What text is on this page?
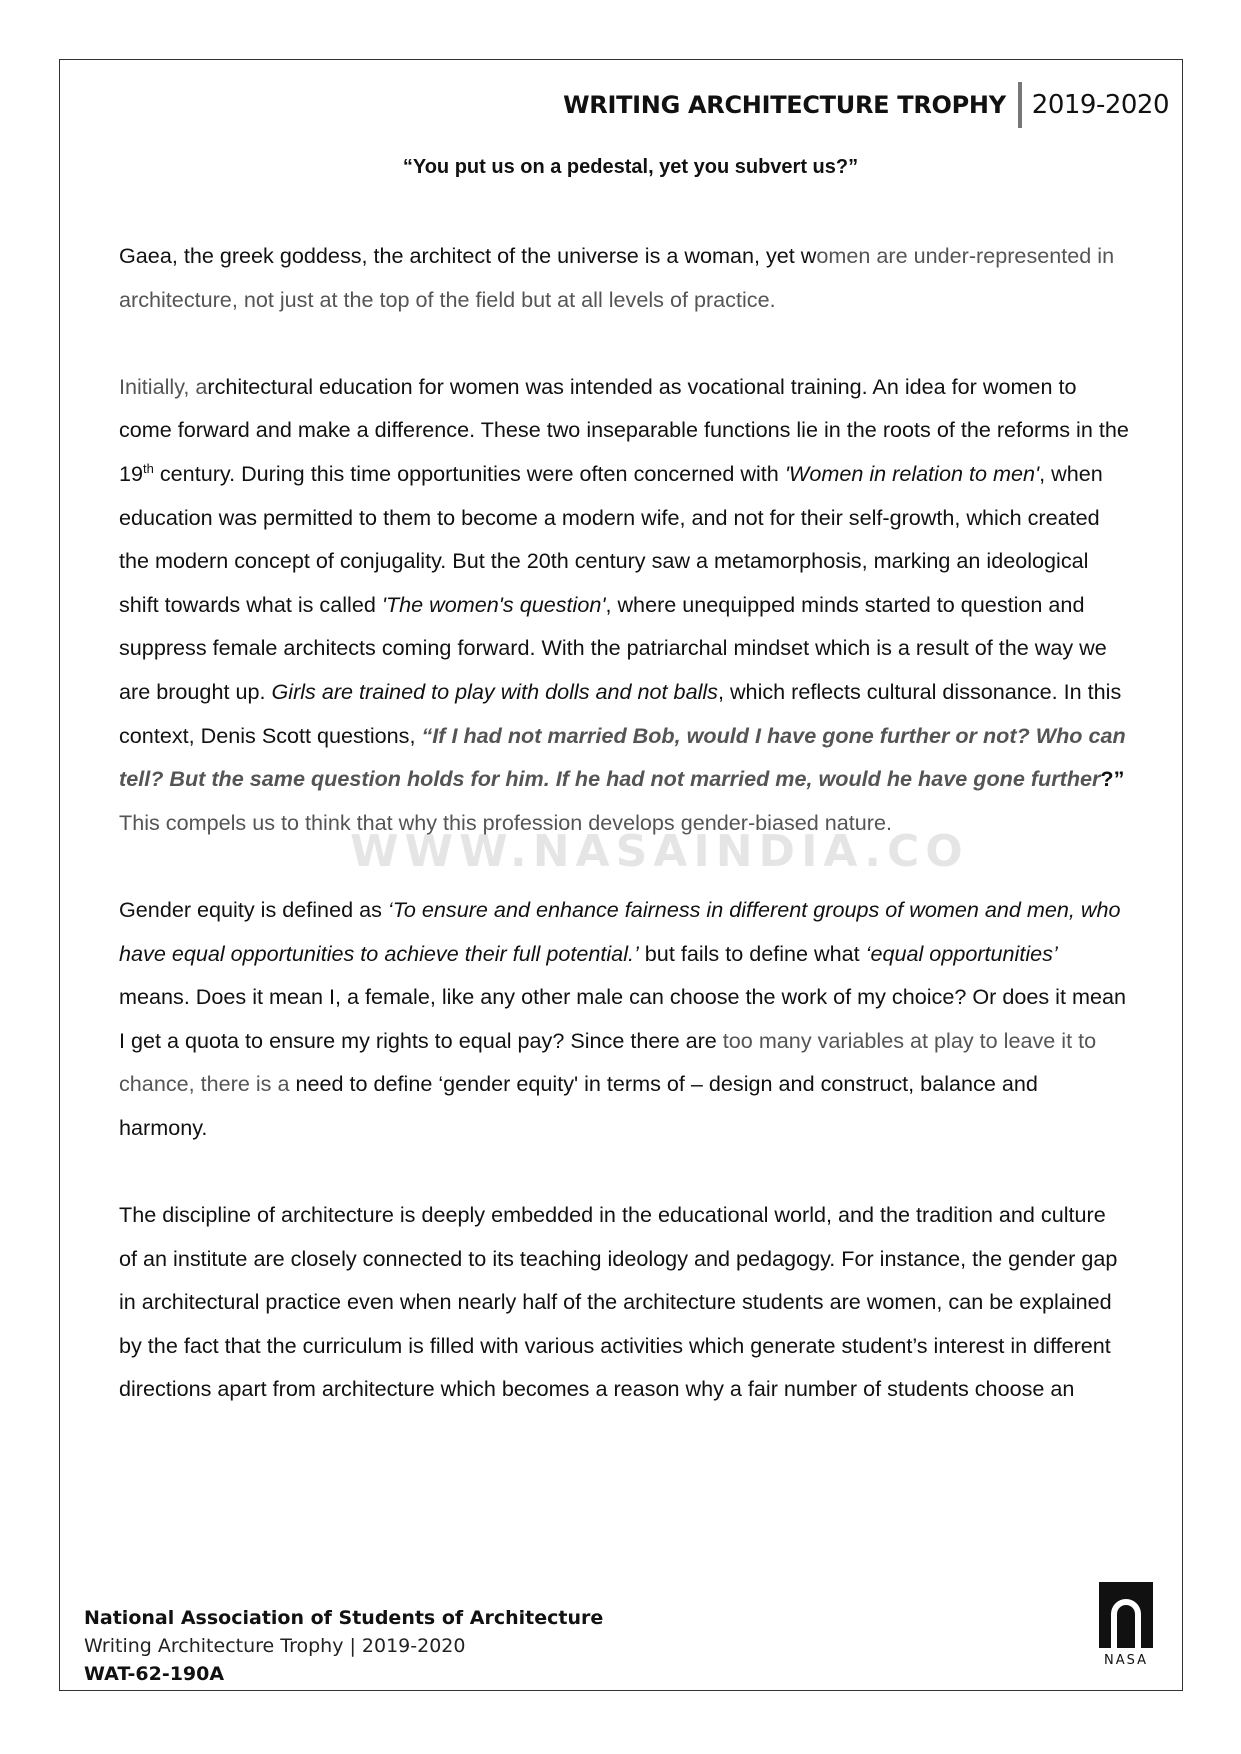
WRITING ARCHITECTURE TROPHY 2019-2020
“You put us on a pedestal, yet you subvert us?”
WWW.NASAINDIA.CO

Gaea, the greek goddess, the architect of the universe is a woman, yet women are under-represented in architecture, not just at the top of the field but at all levels of practice.

Initially, architectural education for women was intended as vocational training. An idea for women to come forward and make a difference. These two inseparable functions lie in the roots of the reforms in the 19th century. During this time opportunities were often concerned with 'Women in relation to men', when education was permitted to them to become a modern wife, and not for their self-growth, which created the modern concept of conjugality. But the 20th century saw a metamorphosis, marking an ideological shift towards what is called 'The women's question', where unequipped minds started to question and suppress female architects coming forward. With the patriarchal mindset which is a result of the way we are brought up. Girls are trained to play with dolls and not balls, which reflects cultural dissonance. In this context, Denis Scott questions, “If I had not married Bob, would I have gone further or not? Who can tell? But the same question holds for him. If he had not married me, would he have gone further?” This compels us to think that why this profession develops gender-biased nature.

Gender equity is defined as ‘To ensure and enhance fairness in different groups of women and men, who have equal opportunities to achieve their full potential.’ but fails to define what ‘equal opportunities’ means. Does it mean I, a female, like any other male can choose the work of my choice? Or does it mean I get a quota to ensure my rights to equal pay? Since there are too many variables at play to leave it to chance, there is a need to define ‘gender equity' in terms of – design and construct, balance and harmony.

The discipline of architecture is deeply embedded in the educational world, and the tradition and culture of an institute are closely connected to its teaching ideology and pedagogy. For instance, the gender gap in architectural practice even when nearly half of the architecture students are women, can be explained by the fact that the curriculum is filled with various activities which generate student’s interest in different directions apart from architecture which becomes a reason why a fair number of students choose an

National Association of Students of Architecture
Writing Architecture Trophy | 2019-2020
WAT-62-190A
NASA
